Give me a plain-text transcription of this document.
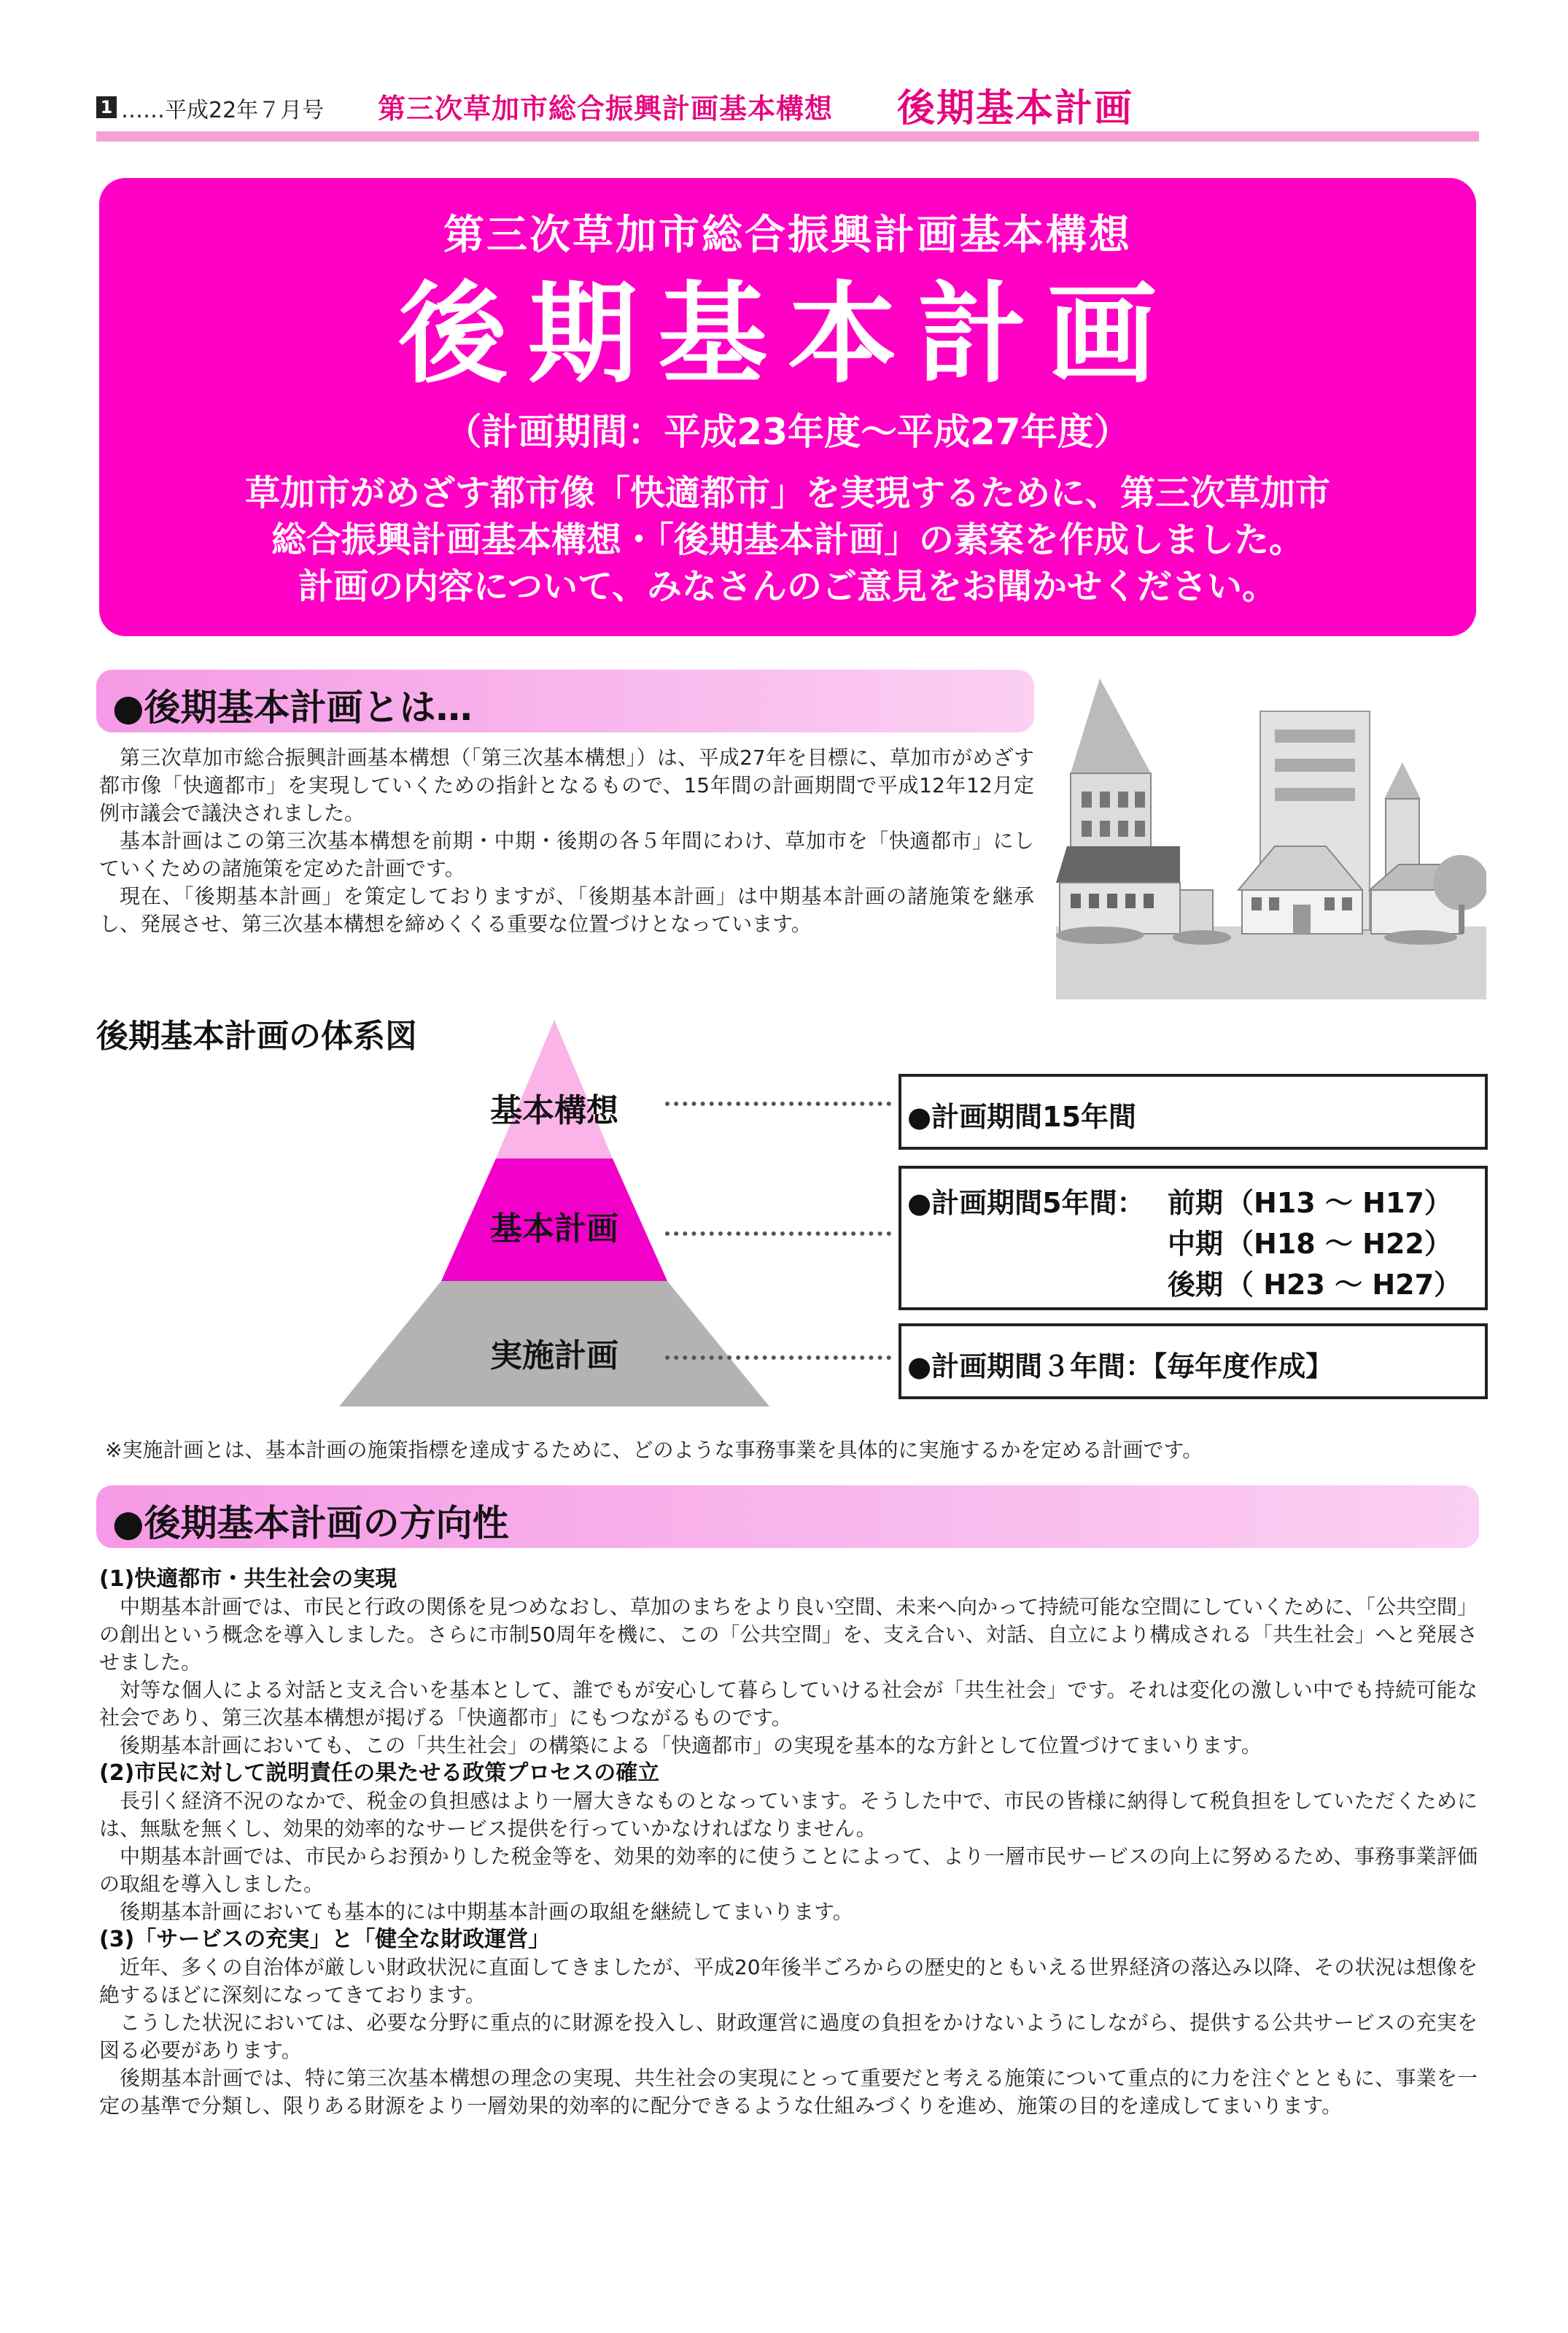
1 ……平成22年７月号 第三次草加市総合振興計画基本構想 後期基本計画
第三次草加市総合振興計画基本構想
後期基本計画
（計画期間：平成23年度～平成27年度）
草加市がめざす都市像「快適都市」を実現するために、第三次草加市
総合振興計画基本構想・「後期基本計画」の素案を作成しました。
計画の内容について、みなさんのご意見をお聞かせください。
●後期基本計画とは…

第三次草加市総合振興計画基本構想（「第三次基本構想」）は、平成27年を目標に、草加市がめざす都市像「快適都市」を実現していくための指針となるもので、15年間の計画期間で平成12年12月定例市議会で議決されました。

基本計画はこの第三次基本構想を前期・中期・後期の各５年間にわけ、草加市を「快適都市」にしていくための諸施策を定めた計画です。

現在、「後期基本計画」を策定しておりますが、「後期基本計画」は中期基本計画の諸施策を継承し、発展させ、第三次基本構想を締めくくる重要な位置づけとなっています。

後期基本計画の体系図
基本構想
基本計画
実施計画
●計画期間15年間
●計画期間5年間： 前期 （H13 ～ H17）
中期 （H18 ～ H22）
後期 （ H23 ～ H27）
●計画期間３年間：【毎年度作成】
※実施計画とは、基本計画の施策指標を達成するために、どのような事務事業を具体的に実施するかを定める計画です。
●後期基本計画の方向性
(1)快適都市・共生社会の実現

中期基本計画では、市民と行政の関係を見つめなおし、草加のまちをより良い空間、未来へ向かって持続可能な空間にしていくために、「公共空間」の創出という概念を導入しました。さらに市制50周年を機に、この「公共空間」を、支え合い、対話、自立により構成される「共生社会」へと発展させました。

対等な個人による対話と支え合いを基本として、誰でもが安心して暮らしていける社会が「共生社会」です。それは変化の激しい中でも持続可能な社会であり、第三次基本構想が掲げる「快適都市」にもつながるものです。

後期基本計画においても、この「共生社会」の構築による「快適都市」の実現を基本的な方針として位置づけてまいります。

(2)市民に対して説明責任の果たせる政策プロセスの確立

長引く経済不況のなかで、税金の負担感はより一層大きなものとなっています。そうした中で、市民の皆様に納得して税負担をしていただくためには、無駄を無くし、効果的効率的なサービス提供を行っていかなければなりません。

中期基本計画では、市民からお預かりした税金等を、効果的効率的に使うことによって、より一層市民サービスの向上に努めるため、事務事業評価の取組を導入しました。

後期基本計画においても基本的には中期基本計画の取組を継続してまいります。

(3)「サービスの充実」と「健全な財政運営」

近年、多くの自治体が厳しい財政状況に直面してきましたが、平成20年後半ごろからの歴史的ともいえる世界経済の落込み以降、その状況は想像を絶するほどに深刻になってきております。

こうした状況においては、必要な分野に重点的に財源を投入し、財政運営に過度の負担をかけないようにしながら、提供する公共サービスの充実を図る必要があります。

後期基本計画では、特に第三次基本構想の理念の実現、共生社会の実現にとって重要だと考える施策について重点的に力を注ぐとともに、事業を一定の基準で分類し、限りある財源をより一層効果的効率的に配分できるような仕組みづくりを進め、施策の目的を達成してまいります。
